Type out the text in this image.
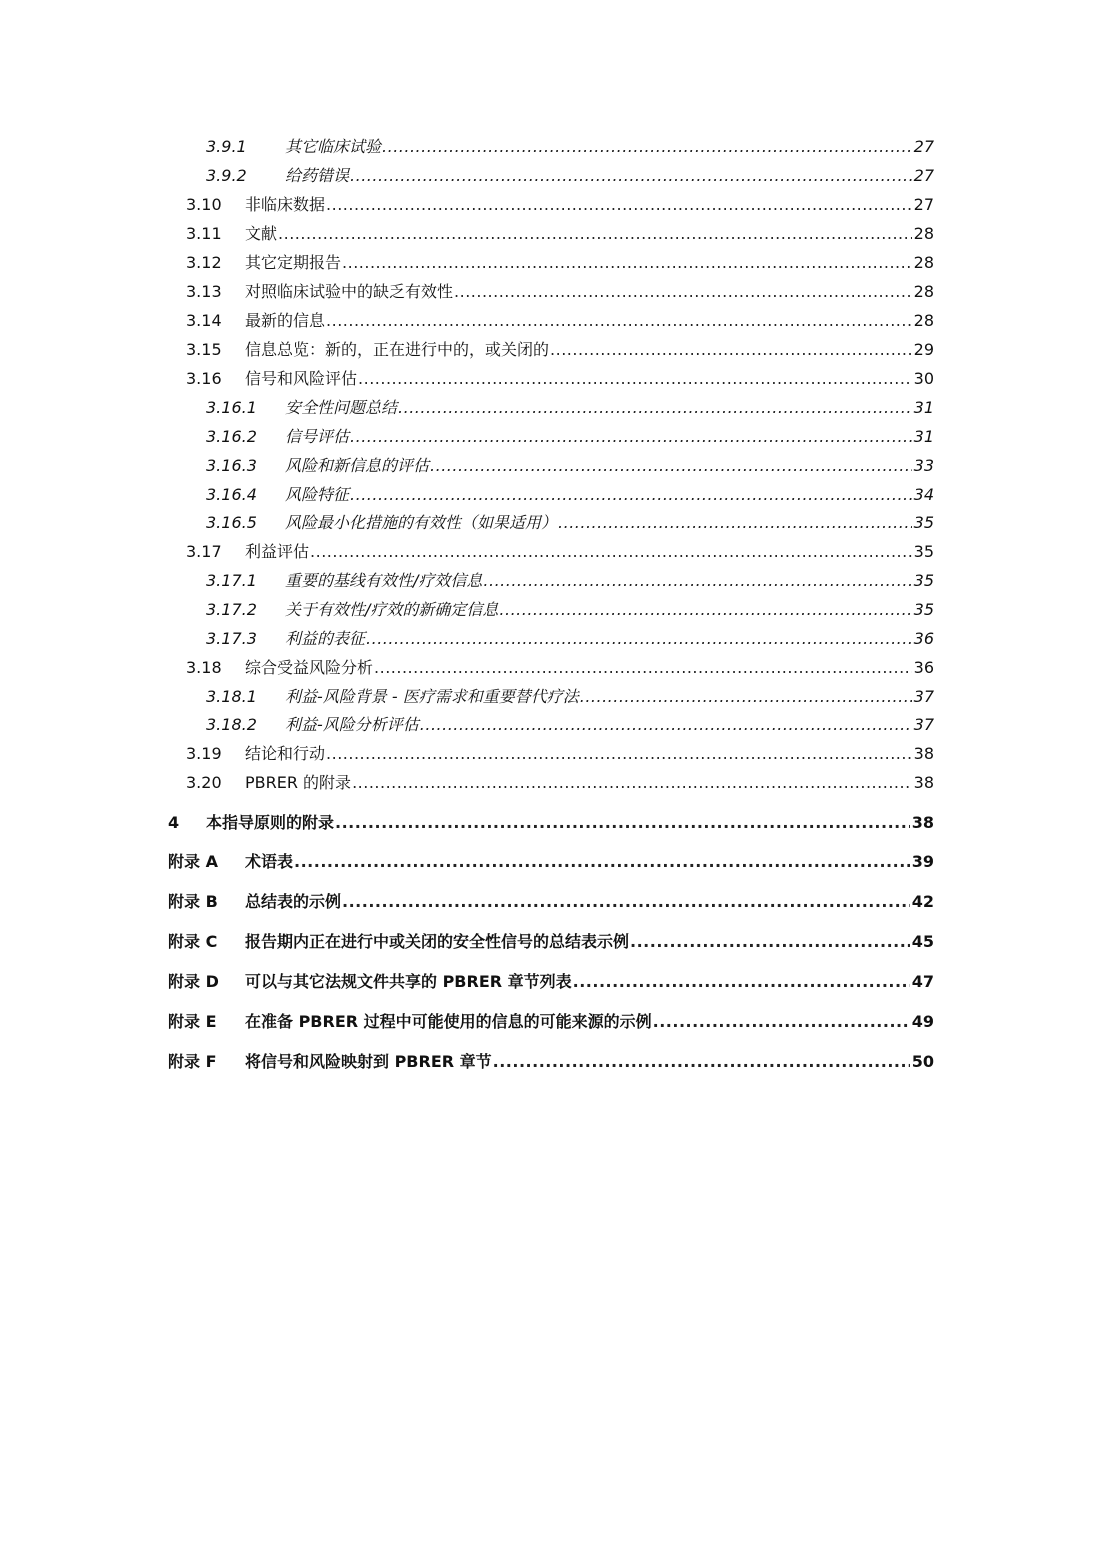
3.9.1 其它临床试验 .....	27
3.9.2 给药错误 .....	27
3.10 非临床数据 .....	27
3.11 文献 .....	28
3.12 其它定期报告 .....	28
3.13 对照临床试验中的缺乏有效性 .....	28
3.14 最新的信息 .....	28
3.15 信息总览：新的，正在进行中的，或关闭的 .....	29
3.16 信号和风险评估 .....	30
3.16.1 安全性问题总结 .....	31
3.16.2 信号评估 .....	31
3.16.3 风险和新信息的评估 .....	33
3.16.4 风险特征 .....	34
3.16.5 风险最小化措施的有效性（如果适用） .....	35
3.17 利益评估 .....	35
3.17.1 重要的基线有效性/疗效信息 .....	35
3.17.2 关于有效性/疗效的新确定信息 .....	35
3.17.3 利益的表征 .....	36
3.18 综合受益风险分析 .....	36
3.18.1 利益-风险背景 - 医疗需求和重要替代疗法 .....	37
3.18.2 利益-风险分析评估 .....	37
3.19 结论和行动 .....	38
3.20 PBRER 的附录 .....	38
4 本指导原则的附录 .....	38
附录 A 术语表 .....	39
附录 B 总结表的示例 .....	42
附录 C 报告期内正在进行中或关闭的安全性信号的总结表示例 .....	45
附录 D 可以与其它法规文件共享的 PBRER 章节列表 .....	47
附录 E 在准备 PBRER 过程中可能使用的信息的可能来源的示例 .....	49
附录 F 将信号和风险映射到 PBRER 章节 .....	50
